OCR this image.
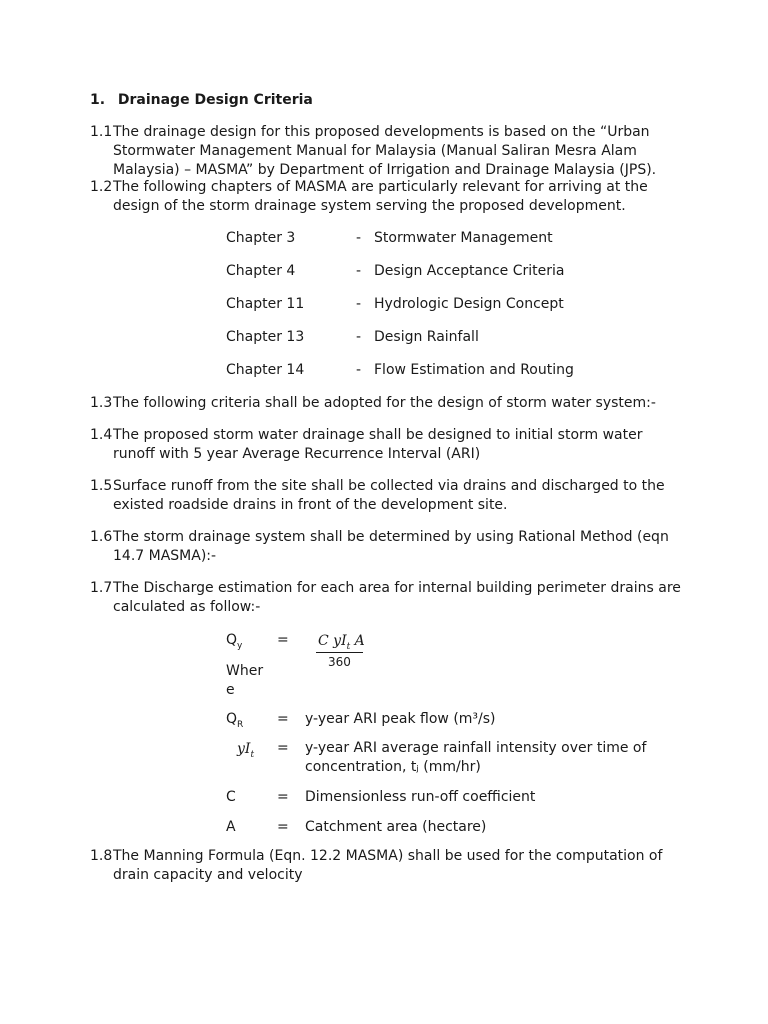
1. Drainage Design Criteria
1.1 The drainage design for this proposed developments is based on the “Urban
Stormwater Management Manual for Malaysia (Manual Saliran Mesra Alam
Malaysia) – MASMA” by Department of Irrigation and Drainage Malaysia (JPS).
1.2 The following chapters of MASMA are particularly relevant for arriving at the
design of the storm drainage system serving the proposed development.
Chapter 3	- Stormwater Management
Chapter 4	- Design Acceptance Criteria
Chapter 11	- Hydrologic Design Concept
Chapter 13	- Design Rainfall
Chapter 14	- Flow Estimation and Routing
1.3 The following criteria shall be adopted for the design of storm water system:-
1.4 The proposed storm water drainage shall be designed to initial storm water
runoff with 5 year Average Recurrence Interval (ARI)
1.5 Surface runoff from the site shall be collected via drains and discharged to the
existed roadside drains in front of the development site.
1.6 The storm drainage system shall be determined by using Rational Method (eqn
14.7 MASMA):-
1.7 The Discharge estimation for each area for internal building perimeter drains are
calculated as follow:-
$Q_y = C$ $yI_t$ A
360
Wher
e
$Q_R$ = y-year ARI peak flow (m³/s)
$yI_t$ = y-year ARI average rainfall intensity over time of
concentration, tⱼ (mm/hr)
C	= Dimensionless run-off coefficient
A	= Catchment area (hectare)
1.8 The Manning Formula (Eqn. 12.2 MASMA) shall be used for the computation of
drain capacity and velocity
